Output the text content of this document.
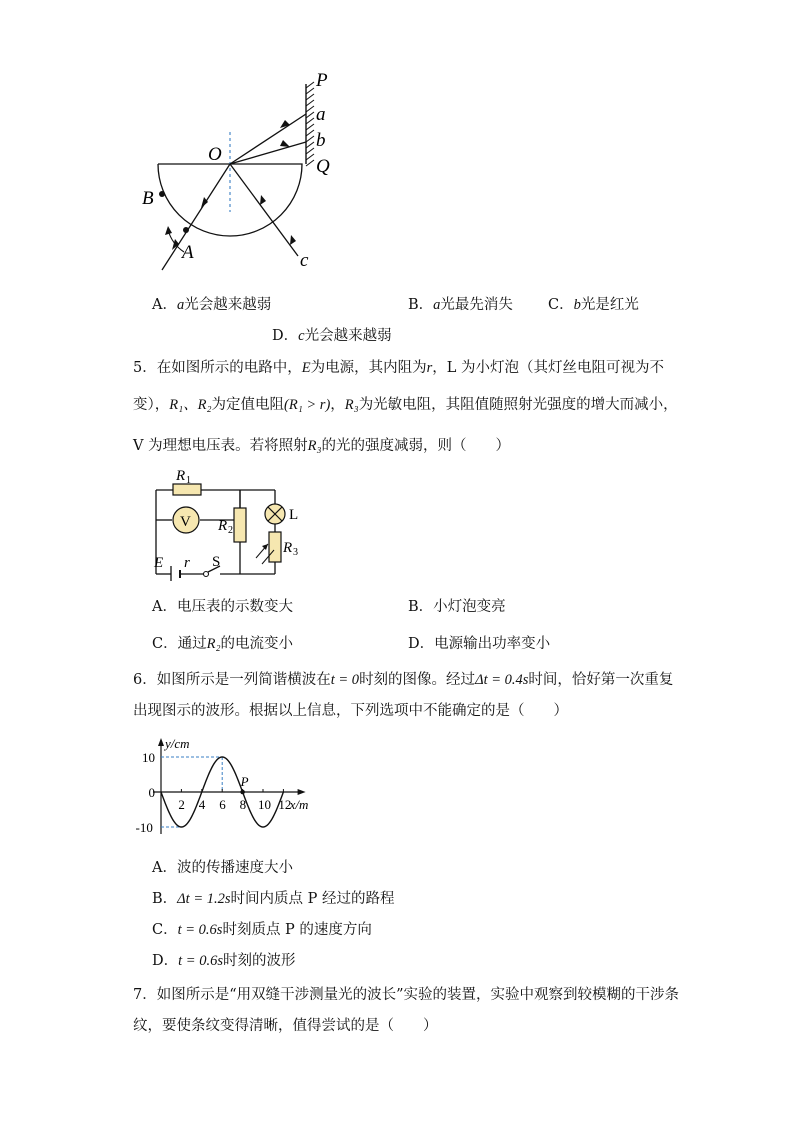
P
a
b
Q
O
B
A	c
A．a光会越来越弱	B．a光最先消失 C．b光是红光
D．c光会越来越弱
5．在如图所示的电路中，E为电源，其内阻为r，L 为小灯泡（其灯丝电阻可视为不
变），R₁、R₂为定值电阻(R₁ > r)，R₃为光敏电阻，其阻值随照射光强度的增大而减小，
V 为理想电压表。若将照射R₃的光的强度减弱，则（　　）
V
R 1
R 2
L
R 3
E r S
A．电压表的示数变大	B．小灯泡变亮
C．通过R₂的电流变小	D．电源输出功率变小
6．如图所示是一列简谐横波在t = 0时刻的图像。经过Δt = 0.4s时间，恰好第一次重复
出现图示的波形。根据以上信息，下列选项中不能确定的是（　　）
2 4 6 8 10 12
10
0
-10
y/cm
x/m
P
A．波的传播速度大小
B．Δt = 1.2s时间内质点 P 经过的路程
C．t = 0.6s时刻质点 P 的速度方向
D．t = 0.6s时刻的波形
7．如图所示是“用双缝干涉测量光的波长”实验的装置，实验中观察到较模糊的干涉条
纹，要使条纹变得清晰，值得尝试的是（　　）
